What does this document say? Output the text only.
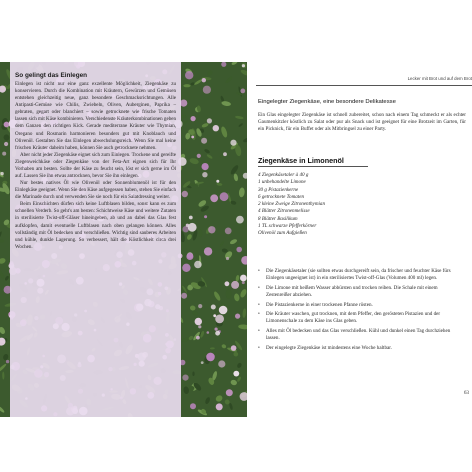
So gelingt das Einlegen

Einlegen ist nicht nur eine ganz exzellente Möglichkeit, Ziegenkäse zu konservieren. Durch die Kombination mit Kräutern, Gewürzen und Gemüsen entstehen gleichzeitig neue, ganz besondere Geschmacksrichtungen. Alle Antipasti-Gemüse wie Chilis, Zwiebeln, Oliven, Auberginen, Paprika – gebraten, gegart oder blanchiert – sowie getrocknete wie frische Tomaten lassen sich mit Käse kombinieren. Verschiedenste Kräuterkombinationen geben dem Ganzen den richtigen Kick. Gerade mediterrane Kräuter wie Thymian, Oregano und Rosmarin harmonieren besonders gut mit Knoblauch und Olivenöl. Gestalten Sie das Einlegen abwechslungsreich. Wenn Sie mal keine frischen Kräuter daheim haben, können Sie auch getrocknete nehmen.

Aber nicht jeder Ziegenkäse eignet sich zum Einlegen. Trockene und gereifte Ziegenweichkäse oder Ziegenkäse von der Feta-Art eignen sich für Ihr Vorhaben am besten. Sollte der Käse zu feucht sein, löst er sich gerne im Öl auf. Lassen Sie ihn etwas antrocknen, bevor Sie ihn einlegen.

Nur bestes natives Öl wie Olivenöl oder Sonnenblumenöl ist für den Einlegkäse geeignet. Wenn Sie den Käse aufgegessen haben, stehen Sie einfach die Marinade durch und verwenden Sie sie noch für ein Salatdressing weiter.

Beim Einschichten dürfen sich keine Luftblasen bilden, sonst kann es zum schnellen Verderb. So geht's am besten: Schichtweise Käse und weitere Zutaten in sterilisierte Twist-off-Gläser hineingeben, ab und an dabei das Glas fest aufklopfen, damit eventuelle Luftblasen nach oben gelangen können. Alles vollständig mit Öl bedecken und verschließen. Wichtig sind sauberes Arbeiten und kühle, dunkle Lagerung. So verbessert, hält die Köstlichkeit circa drei Wochen.

Lecker mit Brot und auf dem Brot
Eingelegter Ziegenkäse, eine besondere Delikatesse

Ein Glas eingelegter Ziegenkäse ist schnell zubereitet, schon nach einem Tag schmeckt er als echter Gaumenkitzler köstlich zu Salat oder pur als Snack und ist geeignet für eine Brotzeit im Garten, für ein Picknick, für ein Buffet oder als Mitbringsel zu einer Party.

Ziegenkäse in Limonenöl
4 Ziegenkäsetaler à 40 g
1 unbehandelte Limone
30 g Pistazienkerne
6 getrocknete Tomaten
2 kleine Zweige Zitronenthymian
4 Blätter Zitronenmelisse
8 Blätter Basilikum
1 TL schwarze Pfefferkörner
Olivenöl zum Aufgießen
• Die Ziegenkäsetaler (sie sollten etwas durchgereift sein, da frischer und feuchter Käse fürs Einlegen ungeeignet ist) in ein sterilisiertes Twist-off-Glas (Volumen 400 ml) legen.
• Die Limone mit heißem Wasser abbürsten und trocken reiben. Die Schale mit einem Zestenreißer abziehen.
• Die Pistazienkerne in einer trockenen Pfanne rösten.
• Die Kräuter waschen, gut trocknen, mit dem Pfeffer, den gerösteten Pistazien und der Limonenschale zu dem Käse ins Glas geben.
• Alles mit Öl bedecken und das Glas verschließen. Kühl und dunkel einen Tag durchziehen lassen.
• Der eingelegte Ziegenkäse ist mindestens eine Woche haltbar.
63
